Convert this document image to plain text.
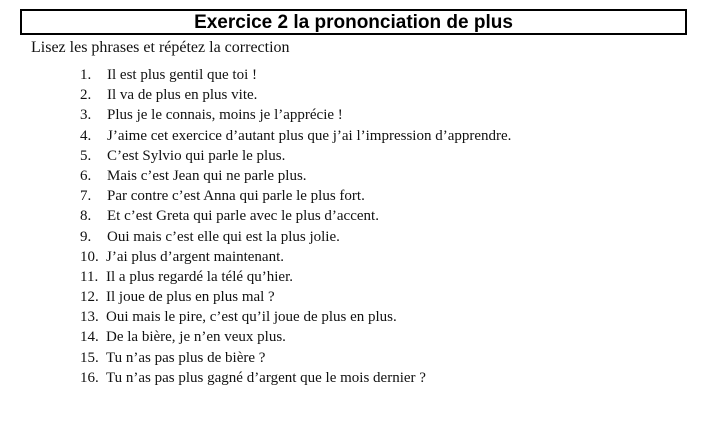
Exercice 2 la prononciation de plus
Lisez les phrases et répétez la correction
1.	Il est plus gentil que toi !
2.	Il va de plus en plus vite.
3.	Plus je le connais, moins je l’apprécie !
4.	J’aime cet exercice d’autant plus que j’ai l’impression d’apprendre.
5.	C’est Sylvio qui parle le plus.
6.	Mais c’est Jean qui ne parle plus.
7.	Par contre c’est Anna qui parle le plus fort.
8.	Et c’est Greta qui parle avec le plus d’accent.
9.	Oui mais c’est elle qui est la plus jolie.
10. J’ai plus d’argent maintenant.
11. Il a plus regardé la télé qu’hier.
12. Il joue de plus en plus mal ?
13. Oui mais le pire, c’est qu’il joue de plus en plus.
14. De la bière, je n’en veux plus.
15. Tu n’as pas plus de bière ?
16. Tu n’as pas plus gagné d’argent que le mois dernier ?
